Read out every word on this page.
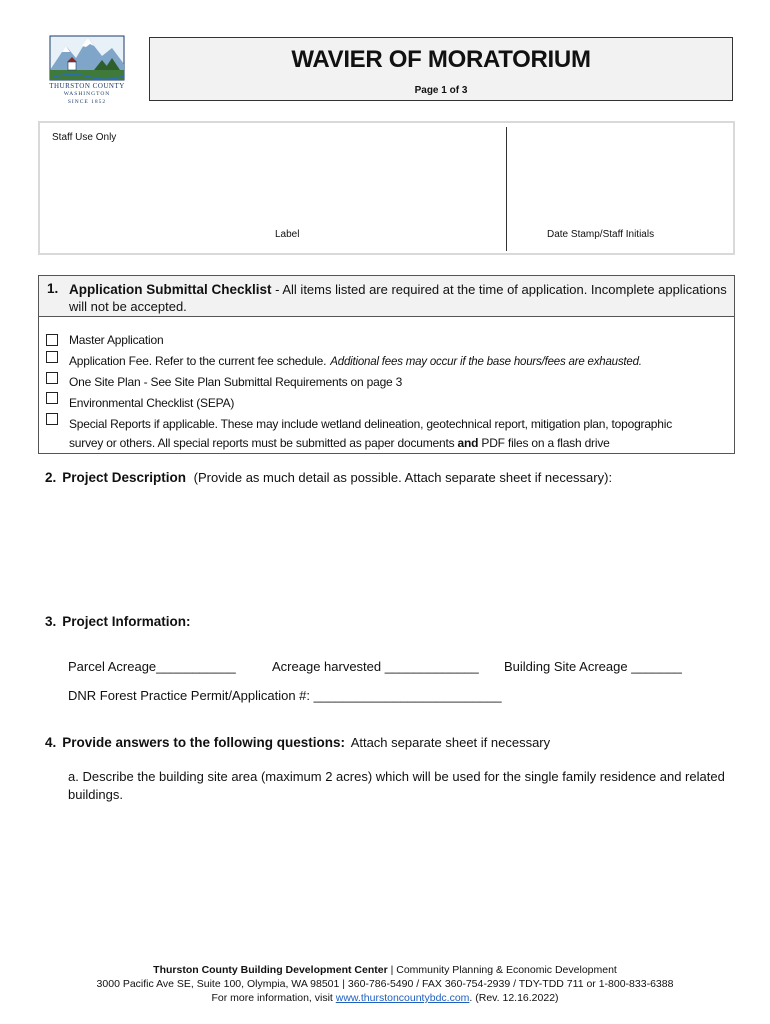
THURSTON COUNTY
WASHINGTON
SINCE 1852
WAVIER OF MORATORIUM
Page 1 of 3
Staff Use Only
Label	Date Stamp/Staff Initials
1. Application Submittal Checklist - All items listed are required at the time of application. Incomplete applications will not be accepted.
Master Application
Application Fee. Refer to the current fee schedule. Additional fees may occur if the base hours/fees are exhausted.
One Site Plan - See Site Plan Submittal Requirements on page 3
Environmental Checklist (SEPA)
Special Reports if applicable. These may include wetland delineation, geotechnical report, mitigation plan, topographic
survey or others. All special reports must be submitted as paper documents and PDF files on a flash drive
2. Project Description (Provide as much detail as possible. Attach separate sheet if necessary):
3. Project Information:
Parcel Acreage___________	Acreage harvested _____________ Building Site Acreage _______
DNR Forest Practice Permit/Application #: __________________________
4. Provide answers to the following questions: Attach separate sheet if necessary
a. Describe the building site area (maximum 2 acres) which will be used for the single family residence and related buildings.
Thurston County Building Development Center | Community Planning & Economic Development
3000 Pacific Ave SE, Suite 100, Olympia, WA 98501 | 360-786-5490 / FAX 360-754-2939 / TDY-TDD 711 or 1-800-833-6388
For more information, visit www.thurstoncountybdc.com. (Rev. 12.16.2022)
